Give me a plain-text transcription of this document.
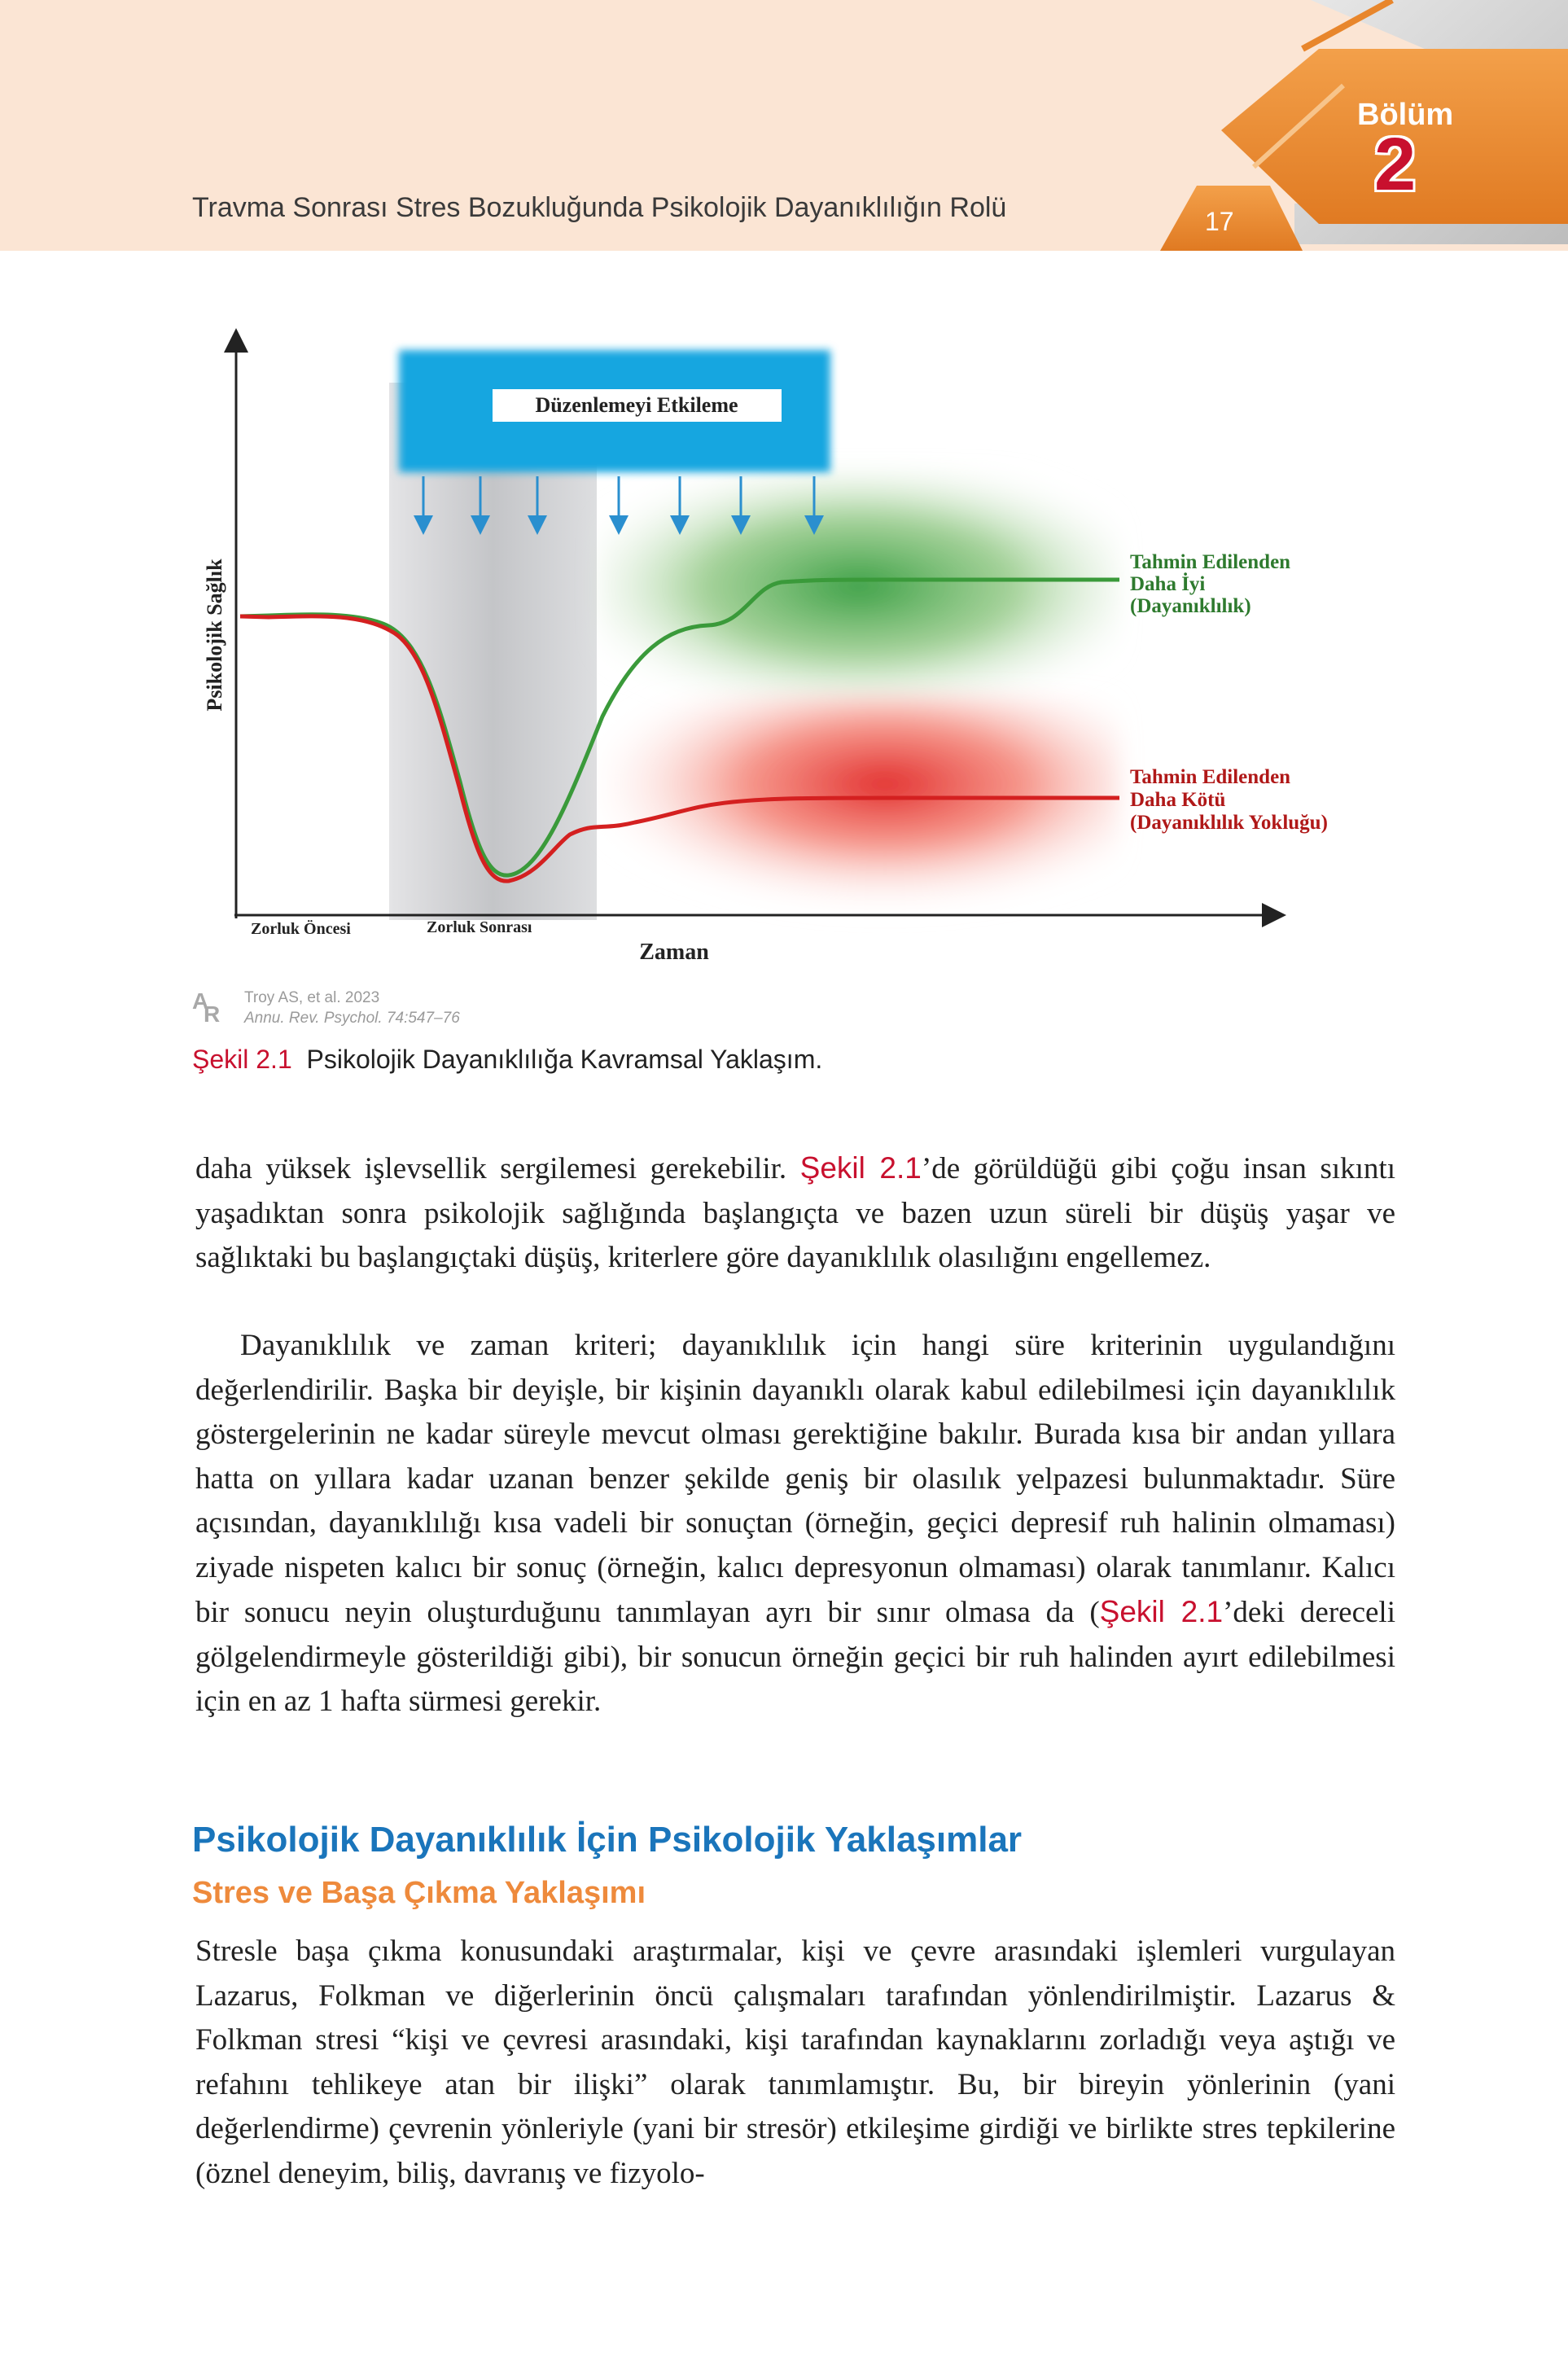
Travma Sonrası Stres Bozukluğunda Psikolojik Dayanıklılığın Rolü	17
Bölüm
2
Düzenlemeyi Etkileme
Psikolojik Sağlık
Zaman
Zorluk Öncesi	Zorluk Sonrası
Tahmin Edilenden
Daha İyi
(Dayanıklılık)
Tahmin Edilenden
Daha Kötü
(Dayanıklılık Yokluğu)
A
R
Troy AS, et al. 2023
Annu. Rev. Psychol. 74:547–76
Şekil 2.1 Psikolojik Dayanıklılığa Kavramsal Yaklaşım.

daha yüksek işlevsellik sergilemesi gerekebilir. Şekil 2.1’de görüldüğü gibi çoğu insan sıkıntı yaşadıktan sonra psikolojik sağlığında başlangıçta ve bazen uzun süreli bir düşüş yaşar ve sağlıktaki bu başlangıçtaki düşüş, kriterlere göre dayanıklılık olasılığını engellemez.

Dayanıklılık ve zaman kriteri; dayanıklılık için hangi süre kriterinin uygulandığını değerlendirilir. Başka bir deyişle, bir kişinin dayanıklı olarak kabul edilebilmesi için dayanıklılık göstergelerinin ne kadar süreyle mevcut olması gerektiğine bakılır. Burada kısa bir andan yıllara hatta on yıllara kadar uzanan benzer şekilde geniş bir olasılık yelpazesi bulunmaktadır. Süre açısından, dayanıklılığı kısa vadeli bir sonuçtan (örneğin, geçici depresif ruh halinin olmaması) ziyade nispeten kalıcı bir sonuç (örneğin, kalıcı depresyonun olmaması) olarak tanımlanır. Kalıcı bir sonucu neyin oluşturduğunu tanımlayan ayrı bir sınır olmasa da (Şekil 2.1’deki dereceli gölgelendirmeyle gösterildiği gibi), bir sonucun örneğin geçici bir ruh halinden ayırt edilebilmesi için en az 1 hafta sürmesi gerekir.

Psikolojik Dayanıklılık İçin Psikolojik Yaklaşımlar
Stres ve Başa Çıkma Yaklaşımı

Stresle başa çıkma konusundaki araştırmalar, kişi ve çevre arasındaki işlemleri vurgulayan Lazarus, Folkman ve diğerlerinin öncü çalışmaları tarafından yönlendirilmiştir. Lazarus & Folkman stresi “kişi ve çevresi arasındaki, kişi tarafından kaynaklarını zorladığı veya aştığı ve refahını tehlikeye atan bir ilişki” olarak tanımlamıştır. Bu, bir bireyin yönlerinin (yani değerlendirme) çevrenin yönleriyle (yani bir stresör) etkileşime girdiği ve birlikte stres tepkilerine (öznel deneyim, biliş, davranış ve fizyolo-
